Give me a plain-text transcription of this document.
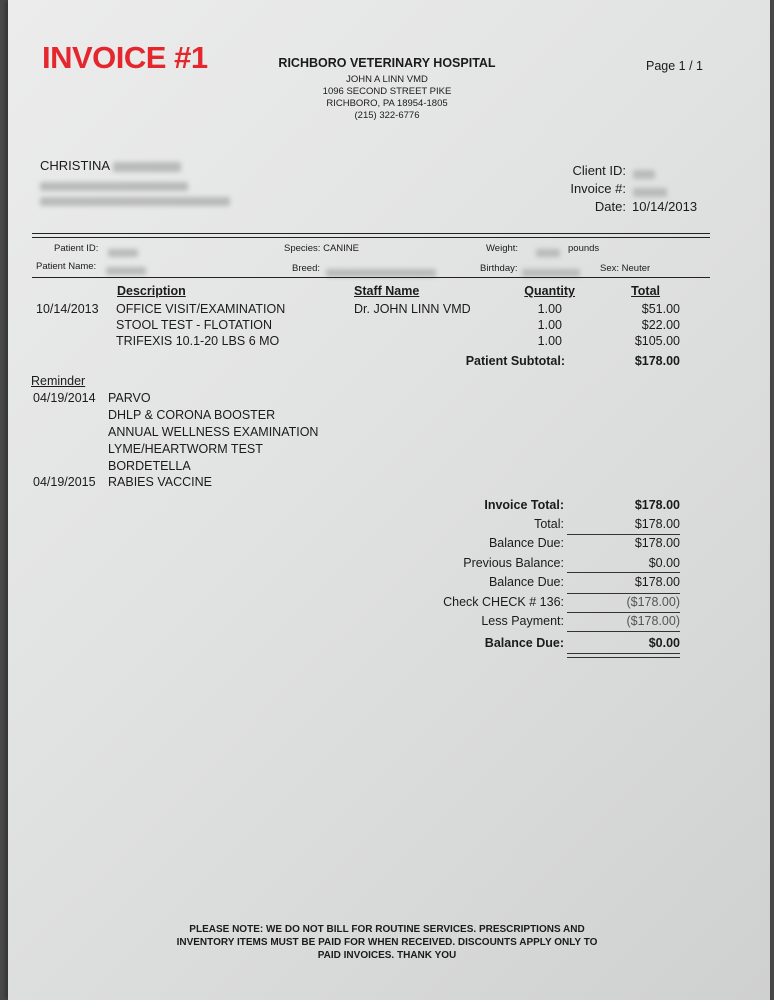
INVOICE #1	RICHBORO VETERINARY HOSPITAL
JOHN A LINN VMD
1096 SECOND STREET PIKE
RICHBORO, PA 18954-1805
(215) 322-6776
Page 1 / 1
CHRISTINA	Client ID:
Invoice #:
Date: 10/14/2013
Patient ID:	Species: CANINE	Weight:	pounds
Patient Name:	Breed:	Birthday:	Sex: Neuter
Description	Staff Name	Quantity	Total
10/14/2013 OFFICE VISIT/EXAMINATION	Dr. JOHN LINN VMD	1.00	$51.00
STOOL TEST - FLOTATION	1.00	$22.00
TRIFEXIS 10.1-20 LBS 6 MO	1.00	$105.00
Patient Subtotal:	$178.00
Reminder
04/19/2014 PARVO
DHLP & CORONA BOOSTER
ANNUAL WELLNESS EXAMINATION
LYME/HEARTWORM TEST
BORDETELLA
04/19/2015 RABIES VACCINE
Invoice Total:	$178.00
Total:	$178.00
Balance Due:	$178.00
Previous Balance:	$0.00
Balance Due:	$178.00
Check CHECK # 136:	($178.00)
Less Payment:	($178.00)
Balance Due:	$0.00
PLEASE NOTE: WE DO NOT BILL FOR ROUTINE SERVICES. PRESCRIPTIONS AND INVENTORY ITEMS MUST BE PAID FOR WHEN RECEIVED. DISCOUNTS APPLY ONLY TO PAID INVOICES. THANK YOU
